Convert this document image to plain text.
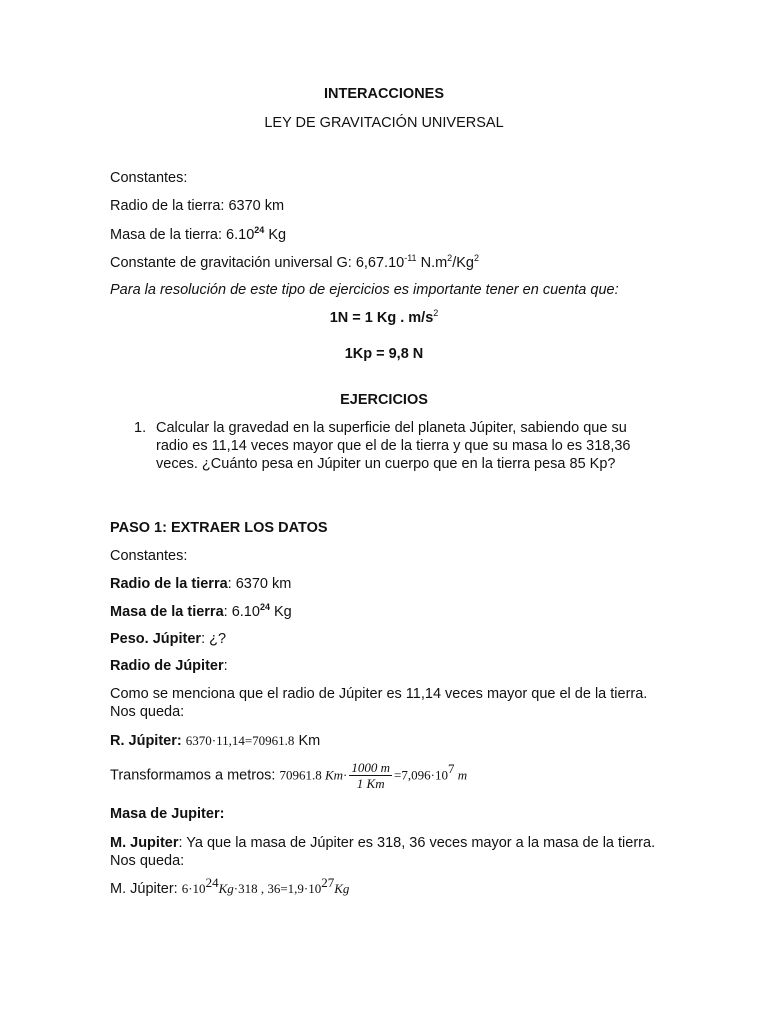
INTERACCIONES
LEY DE GRAVITACIÓN UNIVERSAL
Constantes:
Radio de la tierra: 6370 km
Masa de la tierra: 6.10$^{24}$ Kg
Constante de gravitación universal G: $6,67.10^{-11}$ $N.m^2/Kg^2$
Para la resolución de este tipo de ejercicios es importante tener en cuenta que:
1N = 1 Kg . $m/s^2$
1Kp = 9,8 N
EJERCICIOS
1. Calcular la gravedad en la superficie del planeta Júpiter, sabiendo que su radio es 11,14 veces mayor que el de la tierra y que su masa lo es 318,36 veces. ¿Cuánto pesa en Júpiter un cuerpo que en la tierra pesa 85 Kp?
PASO 1: EXTRAER LOS DATOS
Constantes:
Radio de la tierra: 6370 km
Masa de la tierra: 6.10$^{24}$ Kg
Peso. Júpiter: ¿?
Radio de Júpiter:
Como se menciona que el radio de Júpiter es 11,14 veces mayor que el de la tierra. Nos queda:
R. Júpiter: 6370·11,14=70961.8 Km
Transformamos a metros: 70961.8 $Km\cdot \frac{1000 m}{1 Km} =7,096\cdot 10^7$ m
Masa de Jupiter:
M. Jupiter: Ya que la masa de Júpiter es 318, 36 veces mayor a la masa de la tierra. Nos queda:
M. Júpiter: $6\cdot 10^{24}Kg\cdot 318$ , $36=1,9\cdot 10^{27}Kg$
